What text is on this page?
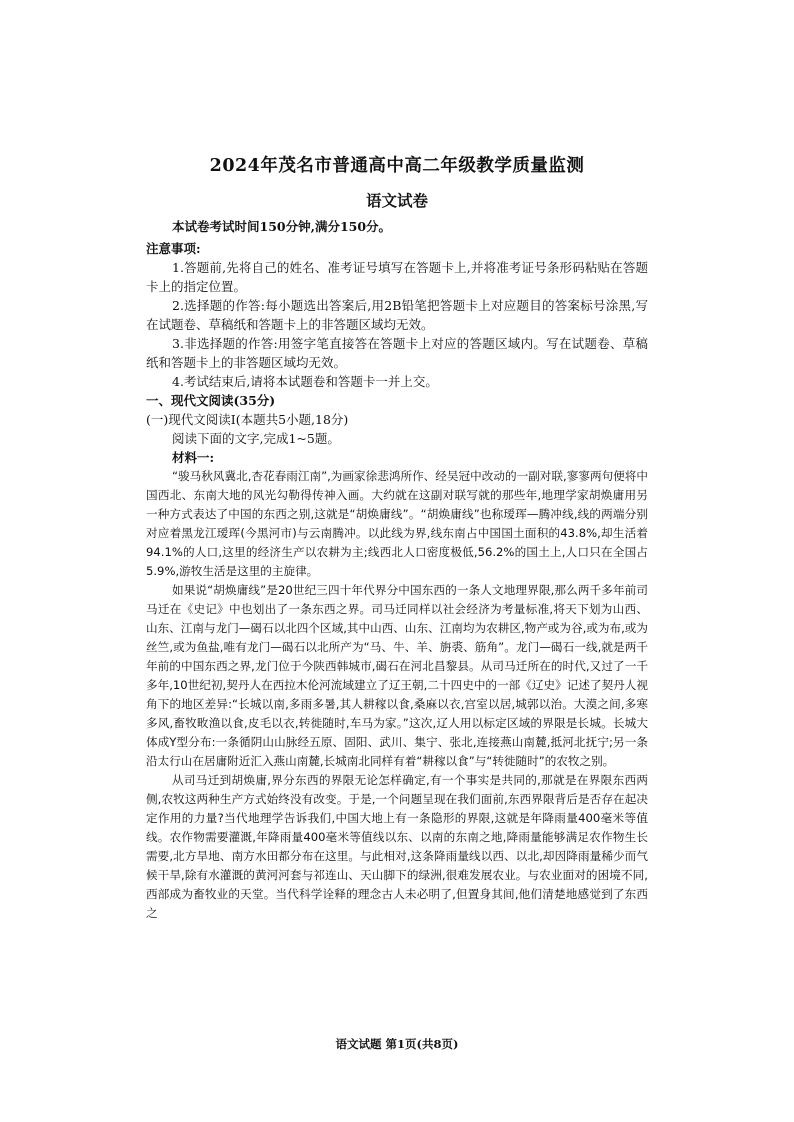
2024年茂名市普通高中高二年级教学质量监测
语文试卷

本试卷考试时间150分钟,满分150分。

注意事项:

1.答题前,先将自己的姓名、准考证号填写在答题卡上,并将准考证号条形码粘贴在答题卡上的指定位置。

2.选择题的作答:每小题选出答案后,用2B铅笔把答题卡上对应题目的答案标号涂黑,写在试题卷、草稿纸和答题卡上的非答题区域均无效。

3.非选择题的作答:用签字笔直接答在答题卡上对应的答题区域内。写在试题卷、草稿纸和答题卡上的非答题区域均无效。

4.考试结束后,请将本试题卷和答题卡一并上交。

一、现代文阅读(35分)

(一)现代文阅读Ⅰ(本题共5小题,18分)

阅读下面的文字,完成1~5题。

材料一:

“骏马秋风冀北,杏花春雨江南”,为画家徐悲鸿所作、经吴冠中改动的一副对联,寥寥两句便将中国西北、东南大地的风光勾勒得传神入画。大约就在这副对联写就的那些年,地理学家胡焕庸用另一种方式表达了中国的东西之别,这就是“胡焕庸线”。“胡焕庸线”也称瑷珲—腾冲线,线的两端分别对应着黑龙江瑷珲(今黑河市)与云南腾冲。以此线为界,线东南占中国国土面积的43.8%,却生活着94.1%的人口,这里的经济生产以农耕为主;线西北人口密度极低,56.2%的国土上,人口只在全国占5.9%,游牧生活是这里的主旋律。

如果说“胡焕庸线”是20世纪三四十年代界分中国东西的一条人文地理界限,那么两千多年前司马迁在《史记》中也划出了一条东西之界。司马迁同样以社会经济为考量标准,将天下划为山西、山东、江南与龙门—碣石以北四个区域,其中山西、山东、江南均为农耕区,物产或为谷,或为布,或为丝竺,或为鱼盐,唯有龙门—碣石以北所产为“马、牛、羊、旃裘、筋角”。龙门—碣石一线,就是两千年前的中国东西之界,龙门位于今陕西韩城市,碣石在河北昌黎县。从司马迁所在的时代,又过了一千多年,10世纪初,契丹人在西拉木伦河流域建立了辽王朝,二十四史中的一部《辽史》记述了契丹人视角下的地区差异:“长城以南,多雨多暑,其人耕稼以食,桑麻以衣,宫室以居,城郭以治。大漠之间,多寒多风,畜牧畋渔以食,皮毛以衣,转徙随时,车马为家。”这次,辽人用以标定区域的界限是长城。长城大体成Y型分布:一条循阴山山脉经五原、固阳、武川、集宁、张北,连接燕山南麓,抵河北抚宁;另一条沿太行山在居庸附近汇入燕山南麓,长城南北同样有着“耕稼以食”与“转徙随时”的农牧之别。

从司马迁到胡焕庸,界分东西的界限无论怎样确定,有一个事实是共同的,那就是在界限东西两侧,农牧这两种生产方式始终没有改变。于是,一个问题呈现在我们面前,东西界限背后是否存在起决定作用的力量?当代地理学告诉我们,中国大地上有一条隐形的界限,这就是年降雨量400毫米等值线。农作物需要灌溉,年降雨量400毫米等值线以东、以南的东南之地,降雨量能够满足农作物生长需要,北方旱地、南方水田都分布在这里。与此相对,这条降雨量线以西、以北,却因降雨量稀少而气候干旱,除有水灌溉的黄河河套与祁连山、天山脚下的绿洲,很难发展农业。与农业面对的困境不同,西部成为畜牧业的天堂。当代科学诠释的理念古人未必明了,但置身其间,他们清楚地感觉到了东西之

语文试题 第1页(共8页)
